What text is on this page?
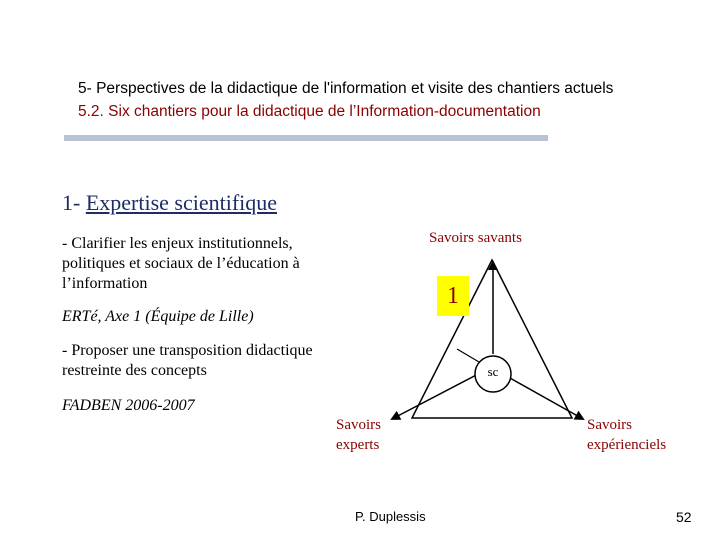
5- Perspectives de la didactique de l'information et visite des chantiers actuels
5.2. Six chantiers pour la didactique de l’Information-documentation
1- Expertise scientifique
- Clarifier les enjeux institutionnels, politiques et sociaux de l’éducation à l’information
ERTé, Axe 1 (Équipe de Lille)
- Proposer une transposition didactique restreinte des concepts
FADBEN 2006-2007
Savoirs savants
Savoirs
experts
Savoirs
expérienciels
sc
1
P. Duplessis	52
